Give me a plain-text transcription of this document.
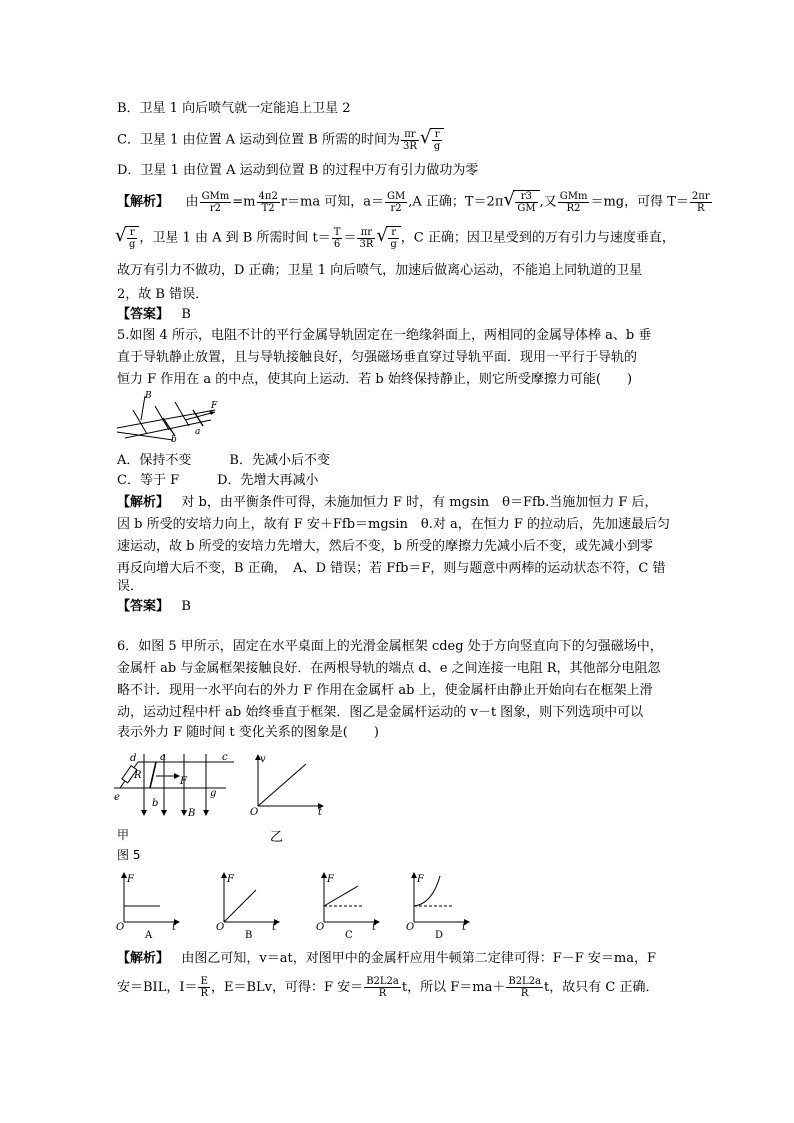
B．卫星 1 向后喷气就一定能追上卫星 2
C．卫星 1 由位置 A 运动到位置 B 所需的时间为 $\frac{\pi r}{3R}$ √ $\frac{r}{g}$
D．卫星 1 由位置 A 运动到位置 B 的过程中万有引力做功为零
【解析】 由 $\frac{\text{GMm}}{r2} =m \frac{4\pi 2}{T2} r=ma$ 可知，$a= \frac{GM}{r2} ,A$ 正确；T＝2π √ $\frac{r3}{GM}$ ,又 $\frac{\text{GMm}}{R2} =mg$，可得 $T= \frac{2\pi r}{R}$
√ $\frac{r}{g}$ ，卫星 1 由 A 到 B 所需时间 $t= \frac{T}{6} = \frac{\pi r}{3R}$ √ $\frac{r}{g}$ ，C 正确；因卫星受到的万有引力与速度垂直，
故万有引力不做功，D 正确；卫星 1 向后喷气，加速后做离心运动，不能追上同轨道的卫星
2，故 B 错误．
【答案】 B
5.如图 4 所示，电阻不计的平行金属导轨固定在一绝缘斜面上，两相同的金属导体棒 a、b 垂
直于导轨静止放置，且与导轨接触良好，匀强磁场垂直穿过导轨平面．现用一平行于导轨的
恒力 F 作用在 a 的中点，使其向上运动．若 b 始终保持静止，则它所受摩擦力可能(　　)
B
F
a
b
A．保持不变	B．先减小后不变
C．等于 F	D．先增大再减小
【解析】 对 b，由平衡条件可得，未施加恒力 F 时，有 mgsin　θ＝Ffb.当施加恒力 F 后，
因 b 所受的安培力向上，故有 F 安＋Ffb＝mgsin　θ.对 a，在恒力 F 的拉动后，先加速最后匀
速运动，故 b 所受的安培力先增大，然后不变，b 所受的摩擦力先减小后不变，或先减小到零
再反向增大后不变，B 正确，　A、D 错误；若 Ffb＝F，则与题意中两棒的运动状态不符，C 错
误．
【答案】 B
6．如图 5 甲所示，固定在水平桌面上的光滑金属框架 cdeg 处于方向竖直向下的匀强磁场中，
金属杆 ab 与金属框架接触良好．在两根导轨的端点 d、e 之间连接一电阻 R，其他部分电阻忽
略不计．现用一水平向右的外力 F 作用在金属杆 ab 上，使金属杆由静止开始向右在框架上滑
动，运动过程中杆 ab 始终垂直于框架．图乙是金属杆运动的 v－t 图象，则下列选项中可以
表示外力 F 随时间 t 变化关系的图象是(　　)
d	c
e	g
b
a
R
F
B
v
t
O
甲	乙
图 5
F
t
O
A
F
t
O
B
F
t
O
C
F
t
O
D
【解析】 由图乙可知，v＝at，对图甲中的金属杆应用牛顿第二定律可得：F－F 安＝ma，F
安＝BIL，$I= \frac{E}{R}$ ，E＝BLv，可得：F 安＝ $\frac{B2L2a}{R}$ t，所以 $F=ma+ \frac{B2L2a}{R}$ t，故只有 C 正确．
